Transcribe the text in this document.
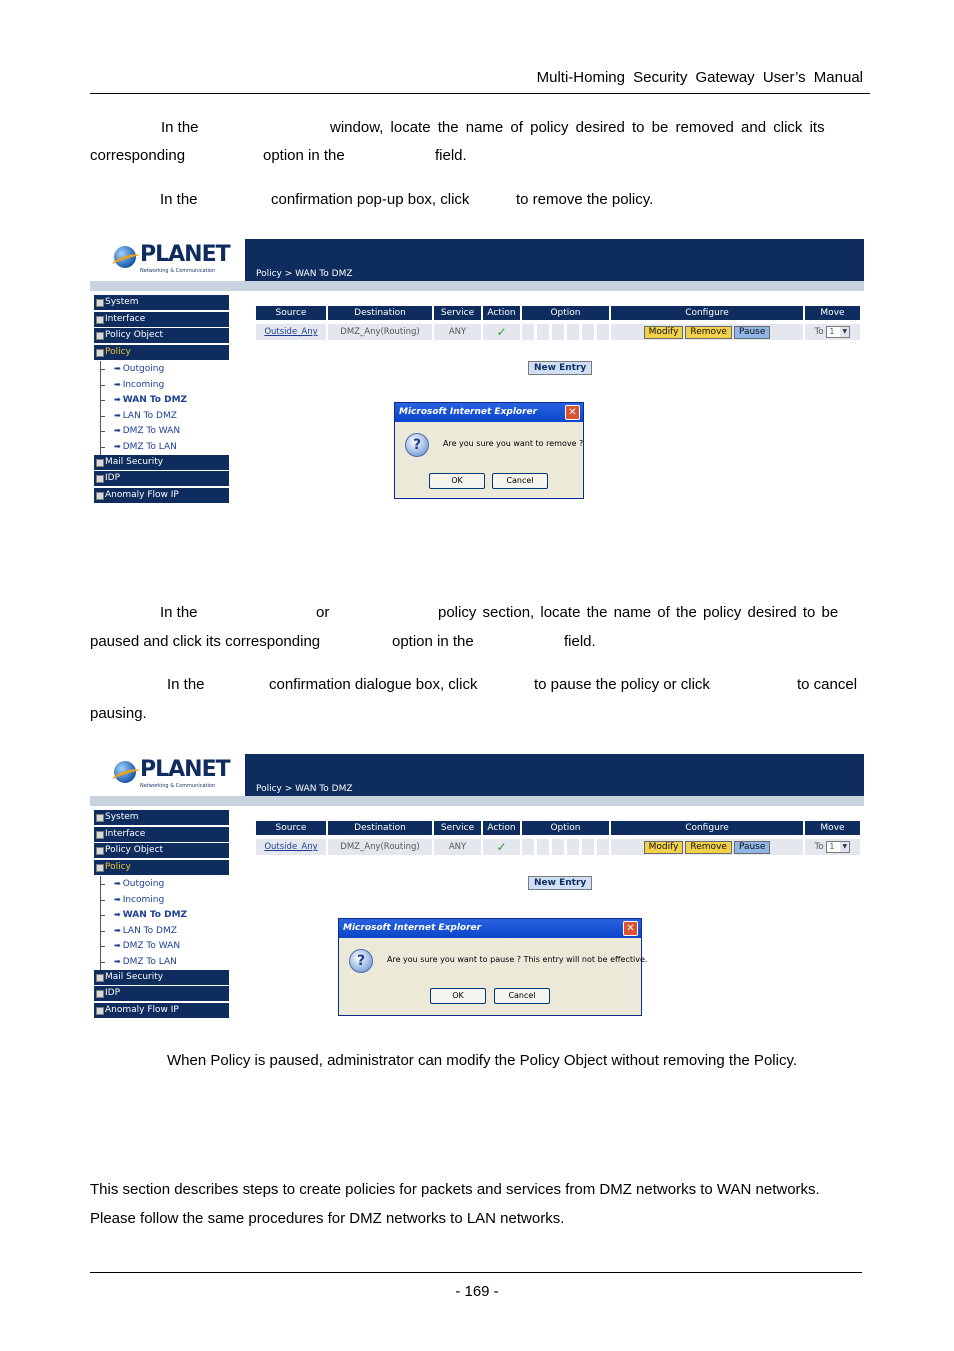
Multi-Homing Security Gateway User’s Manual
In the	window, locate the name of policy desired to be removed and click its
corresponding	option in the	field.
In the	confirmation pop-up box, click	to remove the policy.
PLANET
Networking & Communication	Policy > WAN To DMZ
System
Interface
Policy Object
Policy
➡ Outgoing
➡ Incoming
➡ WAN To DMZ
➡ LAN To DMZ
➡ DMZ To WAN
➡ DMZ To LAN
Mail Security
IDP
Anomaly Flow IP
Source	Destination	Service	Action	Option	Configure	Move
Outside_Any	DMZ_Any(Routing)	ANY	✓	Modify Remove Pause	To 1	▼
New Entry
Microsoft Internet Explorer	✕
?	Are you sure you want to remove ?
OK	Cancel
In the	or	policy section, locate the name of the policy desired to be
paused and click its corresponding	option in the	field.
In the	confirmation dialogue box, click	to pause the policy or click	to cancel
pausing.
PLANET
Networking & Communication	Policy > WAN To DMZ
System
Interface
Policy Object
Policy
➡ Outgoing
➡ Incoming
➡ WAN To DMZ
➡ LAN To DMZ
➡ DMZ To WAN
➡ DMZ To LAN
Mail Security
IDP
Anomaly Flow IP
Source	Destination	Service	Action	Option	Configure	Move
Outside_Any	DMZ_Any(Routing)	ANY	✓	Modify Remove Pause	To 1	▼
New Entry
Microsoft Internet Explorer	✕
?	Are you sure you want to pause ? This entry will not be effective.
OK	Cancel
When Policy is paused, administrator can modify the Policy Object without removing the Policy.
This section describes steps to create policies for packets and services from DMZ networks to WAN networks. Please follow the same procedures for DMZ networks to LAN networks.
- 169 -
